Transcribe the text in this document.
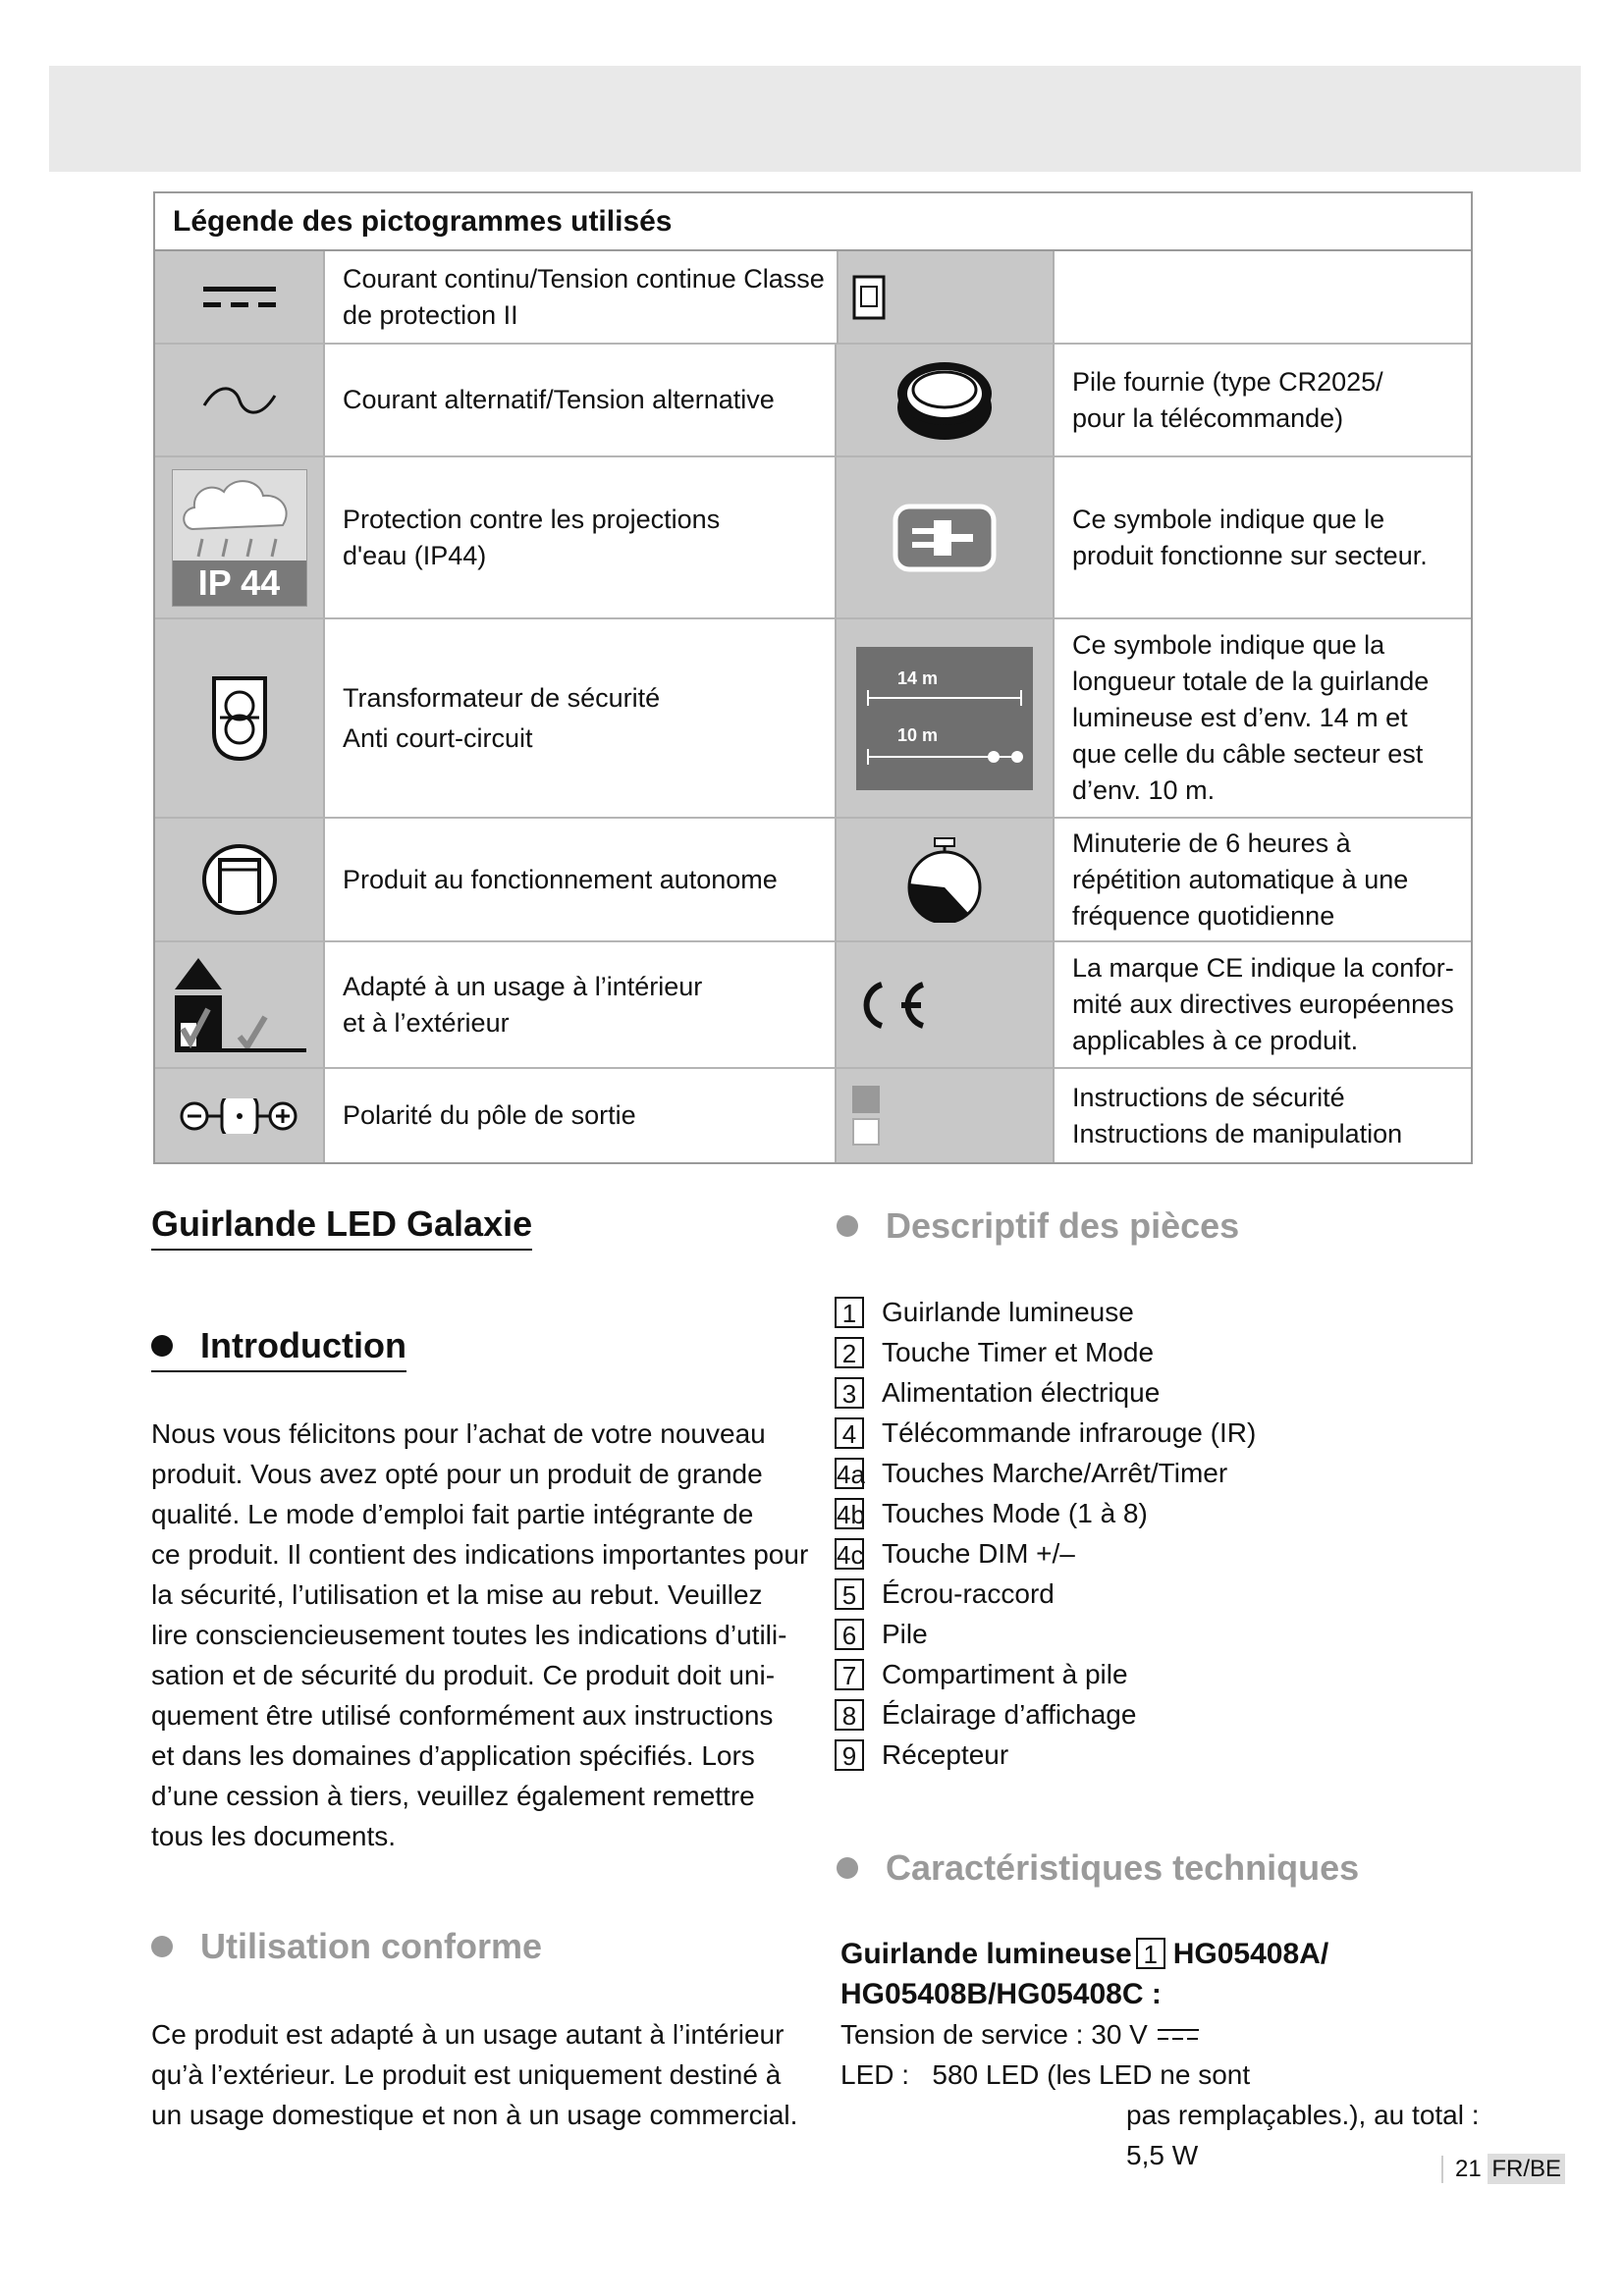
Légende des pictogrammes utilisés
Courant continu/Tension continue Classe de protection II
Courant alternatif/Tension alternative
Pile fournie (type CR2025/
pour la télécommande)
IP 44
Protection contre les projections
d'eau (IP44)
Ce symbole indique que le
produit fonctionne sur secteur.
Transformateur de sécurité
Anti court-circuit
14 m
10 m
Ce symbole indique que la
longueur totale de la guirlande
lumineuse est d’env. 14 m et
que celle du câble secteur est
d’env. 10 m.
Produit au fonctionnement autonome
Minuterie de 6 heures à
répétition automatique à une
fréquence quotidienne
Adapté à un usage à l’intérieur
et à l’extérieur
La marque CE indique la confor-
mité aux directives européennes
applicables à ce produit.
Polarité du pôle de sortie
Instructions de sécurité
Instructions de manipulation
Guirlande LED Galaxie
Introduction
Nous vous félicitons pour l’achat de votre nouveau
produit. Vous avez opté pour un produit de grande
qualité. Le mode d’emploi fait partie intégrante de
ce produit. Il contient des indications importantes pour
la sécurité, l’utilisation et la mise au rebut. Veuillez
lire consciencieusement toutes les indications d’utili-
sation et de sécurité du produit. Ce produit doit uni-
quement être utilisé conformément aux instructions
et dans les domaines d’application spécifiés. Lors
d’une cession à tiers, veuillez également remettre
tous les documents.
Utilisation conforme
Ce produit est adapté à un usage autant à l’intérieur
qu’à l’extérieur. Le produit est uniquement destiné à
un usage domestique et non à un usage commercial.
Descriptif des pièces
1 Guirlande lumineuse
2 Touche Timer et Mode
3 Alimentation électrique
4 Télécommande infrarouge (IR)
4a Touches Marche/Arrêt/Timer
4b Touches Mode (1 à 8)
4c Touche DIM +/–
5 Écrou-raccord
6 Pile
7 Compartiment à pile
8 Éclairage d’affichage
9 Récepteur
Caractéristiques techniques
Guirlande lumineuse 1 HG05408A/
HG05408B/HG05408C :
Tension de service : 30 V
LED : 580 LED (les LED ne sont
pas remplaçables.), au total :
5,5 W	21 FR/BE
